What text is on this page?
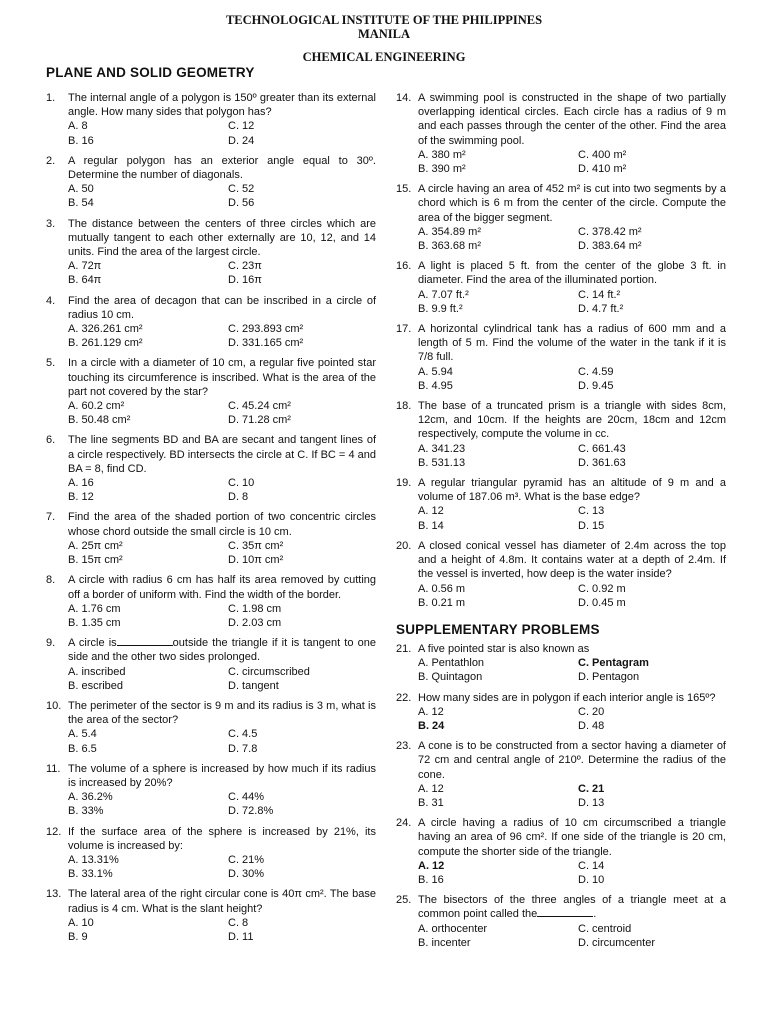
TECHNOLOGICAL INSTITUTE OF THE PHILIPPINES
MANILA
CHEMICAL ENGINEERING
PLANE AND SOLID GEOMETRY
1. The internal angle of a polygon is 150º greater than its external angle. How many sides that polygon has?
A. 8	C. 12
B. 16	D. 24
2. A regular polygon has an exterior angle equal to 30º. Determine the number of diagonals.
A. 50	C. 52
B. 54	D. 56
3. The distance between the centers of three circles which are mutually tangent to each other externally are 10, 12, and 14 units. Find the area of the largest circle.
A. 72π	C. 23π
B. 64π	D. 16π
4. Find the area of decagon that can be inscribed in a circle of radius 10 cm.
A. 326.261 cm²	C. 293.893 cm²
B. 261.129 cm²	D. 331.165 cm²
5. In a circle with a diameter of 10 cm, a regular five pointed star touching its circumference is inscribed. What is the area of the part not covered by the star?
A. 60.2 cm²	C. 45.24 cm²
B. 50.48 cm²	D. 71.28 cm²
6. The line segments BD and BA are secant and tangent lines of a circle respectively. BD intersects the circle at C. If BC = 4 and BA = 8, find CD.
A. 16	C. 10
B. 12	D. 8
7. Find the area of the shaded portion of two concentric circles whose chord outside the small circle is 10 cm.
A. 25π cm²	C. 35π cm²
B. 15π cm²	D. 10π cm²
8. A circle with radius 6 cm has half its area removed by cutting off a border of uniform with. Find the width of the border.
A. 1.76 cm	C. 1.98 cm
B. 1.35 cm	D. 2.03 cm
9. A circle is	outside the triangle if it is tangent to one side and the other two sides prolonged.
A. inscribed	C. circumscribed
B. escribed	D. tangent
10. The perimeter of the sector is 9 m and its radius is 3 m, what is the area of the sector?
A. 5.4	C. 4.5
B. 6.5	D. 7.8
11. The volume of a sphere is increased by how much if its radius is increased by 20%?
A. 36.2%	C. 44%
B. 33%	D. 72.8%
12. If the surface area of the sphere is increased by 21%, its volume is increased by:
A. 13.31%	C. 21%
B. 33.1%	D. 30%
13. The lateral area of the right circular cone is 40π cm². The base radius is 4 cm. What is the slant height?
A. 10	C. 8
B. 9	D. 11
14. A swimming pool is constructed in the shape of two partially overlapping identical circles. Each circle has a radius of 9 m and each passes through the center of the other. Find the area of the swimming pool.
A. 380 m²	C. 400 m²
B. 390 m²	D. 410 m²
15. A circle having an area of 452 m² is cut into two segments by a chord which is 6 m from the center of the circle. Compute the area of the bigger segment.
A. 354.89 m²	C. 378.42 m²
B. 363.68 m²	D. 383.64 m²
16. A light is placed 5 ft. from the center of the globe 3 ft. in diameter. Find the area of the illuminated portion.
A. 7.07 ft.²	C. 14 ft.²
B. 9.9 ft.²	D. 4.7 ft.²
17. A horizontal cylindrical tank has a radius of 600 mm and a length of 5 m. Find the volume of the water in the tank if it is 7/8 full.
A. 5.94	C. 4.59
B. 4.95	D. 9.45
18. The base of a truncated prism is a triangle with sides 8cm, 12cm, and 10cm. If the heights are 20cm, 18cm and 12cm respectively, compute the volume in cc.
A. 341.23	C. 661.43
B. 531.13	D. 361.63
19. A regular triangular pyramid has an altitude of 9 m and a volume of 187.06 m³. What is the base edge?
A. 12	C. 13
B. 14	D. 15
20. A closed conical vessel has diameter of 2.4m across the top and a height of 4.8m. It contains water at a depth of 2.4m. If the vessel is inverted, how deep is the water inside?
A. 0.56 m	C. 0.92 m
B. 0.21 m	D. 0.45 m
SUPPLEMENTARY PROBLEMS
21. A five pointed star is also known as
A. Pentathlon	C. Pentagram
B. Quintagon	D. Pentagon
22. How many sides are in polygon if each interior angle is 165º?
A. 12	C. 20
B. 24	D. 48
23. A cone is to be constructed from a sector having a diameter of 72 cm and central angle of 210º. Determine the radius of the cone.
A. 12	C. 21
B. 31	D. 13
24. A circle having a radius of 10 cm circumscribed a triangle having an area of 96 cm². If one side of the triangle is 20 cm, compute the shorter side of the triangle.
A. 12	C. 14
B. 16	D. 10
25. The bisectors of the three angles of a triangle meet at a common point called the	.
A. orthocenter	C. centroid
B. incenter	D. circumcenter
